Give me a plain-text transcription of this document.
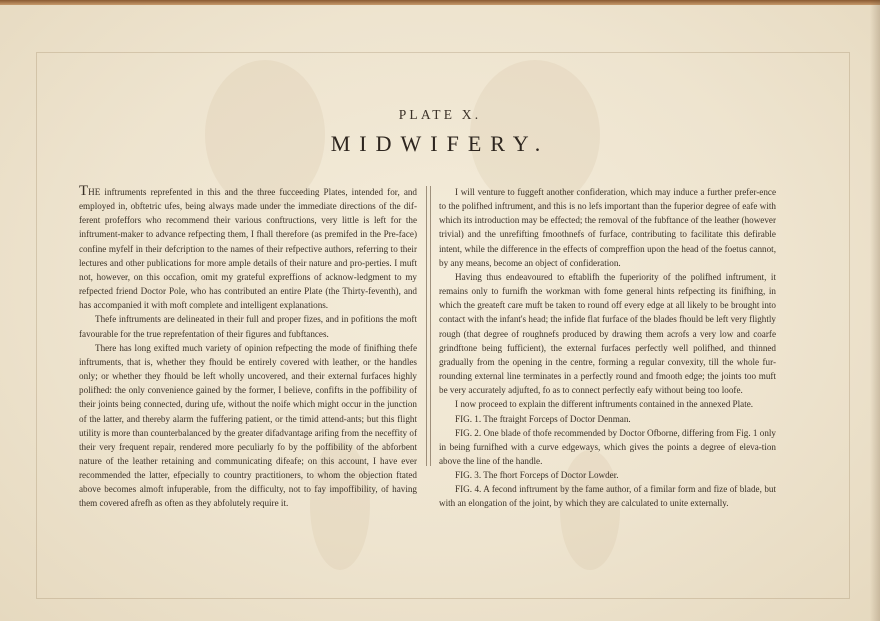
PLATE X.
MIDWIFERY.

THE inftruments reprefented in this and the three fucceeding Plates, intended for, and employed in, obftetric ufes, being always made under the immediate directions of the dif-ferent profeffors who recommend their various conftructions, very little is left for the inftrument-maker to advance refpecting them, I fhall therefore (as premifed in the Pre-face) confine myfelf in their defcription to the names of their refpective authors, referring to their lectures and other publications for more ample details of their nature and pro-perties. I muft not, however, on this occafion, omit my grateful expreffions of acknow-ledgment to my refpected friend Doctor Pole, who has contributed an entire Plate (the Thirty-feventh), and has accompanied it with moft complete and intelligent explanations.

Thefe inftruments are delineated in their full and proper fizes, and in pofitions the moft favourable for the true reprefentation of their figures and fubftances.

There has long exifted much variety of opinion refpecting the mode of finifhing thefe inftruments, that is, whether they fhould be entirely covered with leather, or the handles only; or whether they fhould be left wholly uncovered, and their external furfaces highly polifhed: the only convenience gained by the former, I believe, confifts in the poffibility of their joints being connected, during ufe, without the noife which might occur in the junction of the latter, and thereby alarm the fuffering patient, or the timid attend-ants; but this flight utility is more than counterbalanced by the greater difadvantage arifing from the neceffity of their very frequent repair, rendered more peculiarly fo by the poffibility of the abforbent nature of the leather retaining and communicating difeafe; on this account, I have ever recommended the latter, efpecially to country practitioners, to whom the objection ftated above becomes almoft infuperable, from the difficulty, not to fay impoffibility, of having them covered afrefh as often as they abfolutely require it.

I will venture to fuggeft another confideration, which may induce a further prefer-ence to the polifhed inftrument, and this is no lefs important than the fuperior degree of eafe with which its introduction may be effected; the removal of the fubftance of the leather (however trivial) and the unrefifting fmoothnefs of furface, contributing to facilitate this defirable intent, while the difference in the effects of compreffion upon the head of the foetus cannot, by any means, become an object of confideration.

Having thus endeavoured to eftablifh the fuperiority of the polifhed inftrument, it remains only to furnifh the workman with fome general hints refpecting its finifhing, in which the greateft care muft be taken to round off every edge at all likely to be brought into contact with the infant's head; the infide flat furface of the blades fhould be left very flightly rough (that degree of roughnefs produced by drawing them acrofs a very low and coarfe grindftone being fufficient), the external furfaces perfectly well polifhed, and thinned gradually from the opening in the centre, forming a regular convexity, till the whole fur-rounding external line terminates in a perfectly round and fmooth edge; the joints too muft be very accurately adjufted, fo as to connect perfectly eafy without being too loofe.

I now proceed to explain the different inftruments contained in the annexed Plate.

FIG. 1. The ftraight Forceps of Doctor Denman.

FIG. 2. One blade of thofe recommended by Doctor Ofborne, differing from Fig. 1 only in being furnifhed with a curve edgeways, which gives the points a degree of eleva-tion above the line of the handle.

FIG. 3. The fhort Forceps of Doctor Lowder.

FIG. 4. A fecond inftrument by the fame author, of a fimilar form and fize of blade, but with an elongation of the joint, by which they are calculated to unite externally.
